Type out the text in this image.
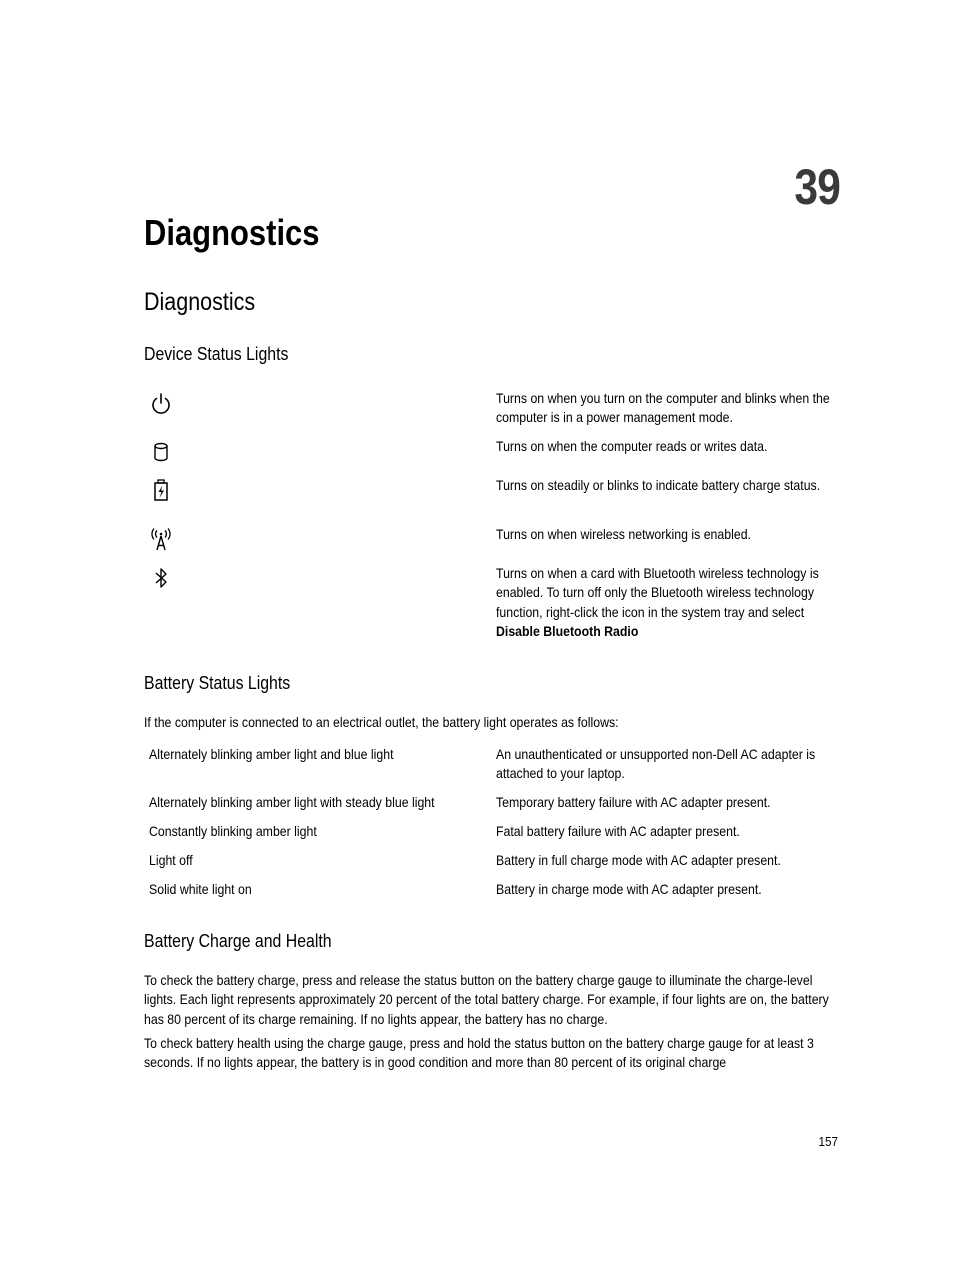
39
Diagnostics
Diagnostics
Device Status Lights
Turns on when you turn on the computer and blinks when the computer is in a power management mode.
Turns on when the computer reads or writes data.
Turns on steadily or blinks to indicate battery charge status.
Turns on when wireless networking is enabled.
Turns on when a card with Bluetooth wireless technology is enabled. To turn off only the Bluetooth wireless technology function, right-click the icon in the system tray and select Disable Bluetooth Radio
Battery Status Lights
If the computer is connected to an electrical outlet, the battery light operates as follows:
Alternately blinking amber light and blue light	An unauthenticated or unsupported non-Dell AC adapter is attached to your laptop.
Alternately blinking amber light with steady blue light	Temporary battery failure with AC adapter present.
Constantly blinking amber light	Fatal battery failure with AC adapter present.
Light off	Battery in full charge mode with AC adapter present.
Solid white light on	Battery in charge mode with AC adapter present.
Battery Charge and Health
To check the battery charge, press and release the status button on the battery charge gauge to illuminate the charge-level lights. Each light represents approximately 20 percent of the total battery charge. For example, if four lights are on, the battery has 80 percent of its charge remaining. If no lights appear, the battery has no charge.
To check battery health using the charge gauge, press and hold the status button on the battery charge gauge for at least 3 seconds. If no lights appear, the battery is in good condition and more than 80 percent of its original charge
157
